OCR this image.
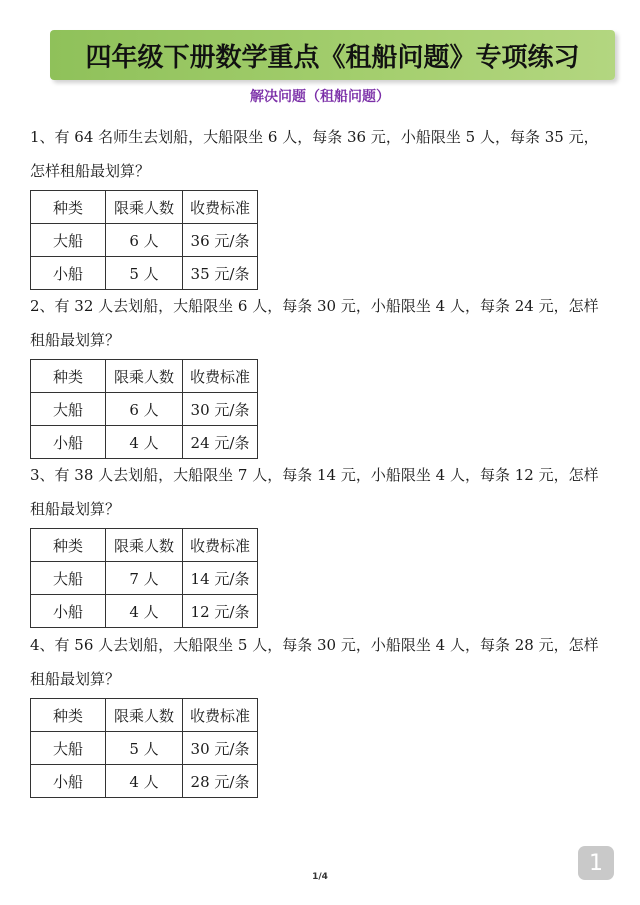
四年级下册数学重点《租船问题》专项练习
解决问题（租船问题）
1、有 64 名师生去划船，大船限坐 6 人，每条 36 元，小船限坐 5 人，每条 35 元，
怎样租船最划算？
种类	限乘人数	收费标准
大船	6 人	36 元/条
小船	5 人	35 元/条
2、有 32 人去划船，大船限坐 6 人，每条 30 元，小船限坐 4 人，每条 24 元，怎样
租船最划算？
种类	限乘人数	收费标准
大船	6 人	30 元/条
小船	4 人	24 元/条
3、有 38 人去划船，大船限坐 7 人，每条 14 元，小船限坐 4 人，每条 12 元，怎样
租船最划算？
种类	限乘人数	收费标准
大船	7 人	14 元/条
小船	4 人	12 元/条
4、有 56 人去划船，大船限坐 5 人，每条 30 元，小船限坐 4 人，每条 28 元，怎样
租船最划算？
种类	限乘人数	收费标准
大船	5 人	30 元/条
小船	4 人	28 元/条
1/4
1
